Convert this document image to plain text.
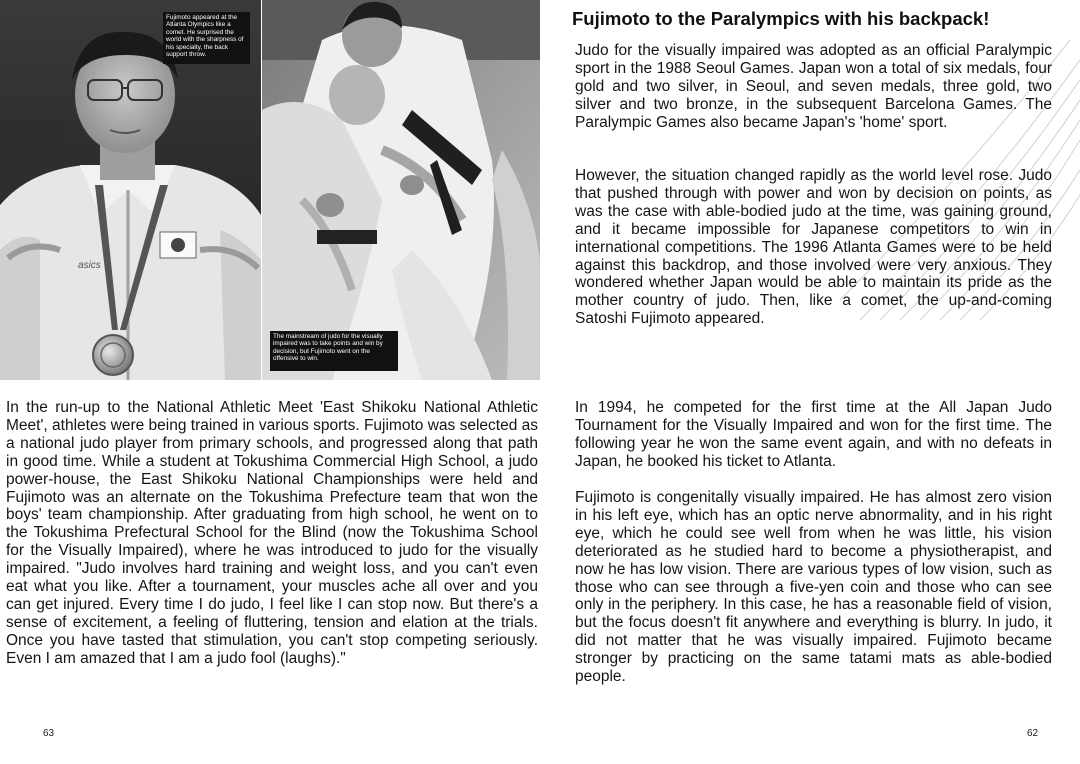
asics
Fujimoto appeared at the Atlanta Olympics like a comet. He surprised the world with the sharpness of his specialty, the back support throw.
The mainstream of judo for the visually impaired was to take points and win by decision, but Fujimoto went on the offensive to win.

In the run-up to the National Athletic Meet 'East Shikoku National Athletic Meet', athletes were being trained in various sports. Fujimoto was selected as a national judo player from primary schools, and progressed along that path in good time. While a student at Tokushima Commercial High School, a judo power-house, the East Shikoku National Championships were held and Fujimoto was an alternate on the Tokushima Prefecture team that won the boys' team championship. After graduating from high school, he went on to the Tokushima Prefectural School for the Blind (now the Tokushima School for the Visually Impaired), where he was introduced to judo for the visually impaired. "Judo involves hard training and weight loss, and you can't even eat what you like. After a tournament, your muscles ache all over and you can get injured. Every time I do judo, I feel like I can stop now. But there's a sense of excitement, a feeling of fluttering, tension and elation at the trials. Once you have tasted that stimulation, you can't stop competing seriously. Even I am amazed that I am a judo fool (laughs)."

63
Fujimoto to the Paralympics with his backpack!

Judo for the visually impaired was adopted as an official Paralympic sport in the 1988 Seoul Games. Japan won a total of six medals, four gold and two silver, in Seoul, and seven medals, three gold, two silver and two bronze, in the subsequent Barcelona Games. The Paralympic Games also became Japan's 'home' sport.

However, the situation changed rapidly as the world level rose. Judo that pushed through with power and won by decision on points, as was the case with able-bodied judo at the time, was gaining ground, and it became impossible for Japanese competitors to win in international competitions. The 1996 Atlanta Games were to be held against this backdrop, and those involved were very anxious. They wondered whether Japan would be able to maintain its pride as the mother country of judo. Then, like a comet, the up-and-coming Satoshi Fujimoto appeared.

In 1994, he competed for the first time at the All Japan Judo Tournament for the Visually Impaired and won for the first time. The following year he won the same event again, and with no defeats in Japan, he booked his ticket to Atlanta.

Fujimoto is congenitally visually impaired. He has almost zero vision in his left eye, which has an optic nerve abnormality, and in his right eye, which he could see well from when he was little, his vision deteriorated as he studied hard to become a physiotherapist, and now he has low vision. There are various types of low vision, such as those who can see through a five-yen coin and those who can see only in the periphery. In this case, he has a reasonable field of vision, but the focus doesn't fit anywhere and everything is blurry. In judo, it did not matter that he was visually impaired. Fujimoto became stronger by practicing on the same tatami mats as able-bodied people.

62
